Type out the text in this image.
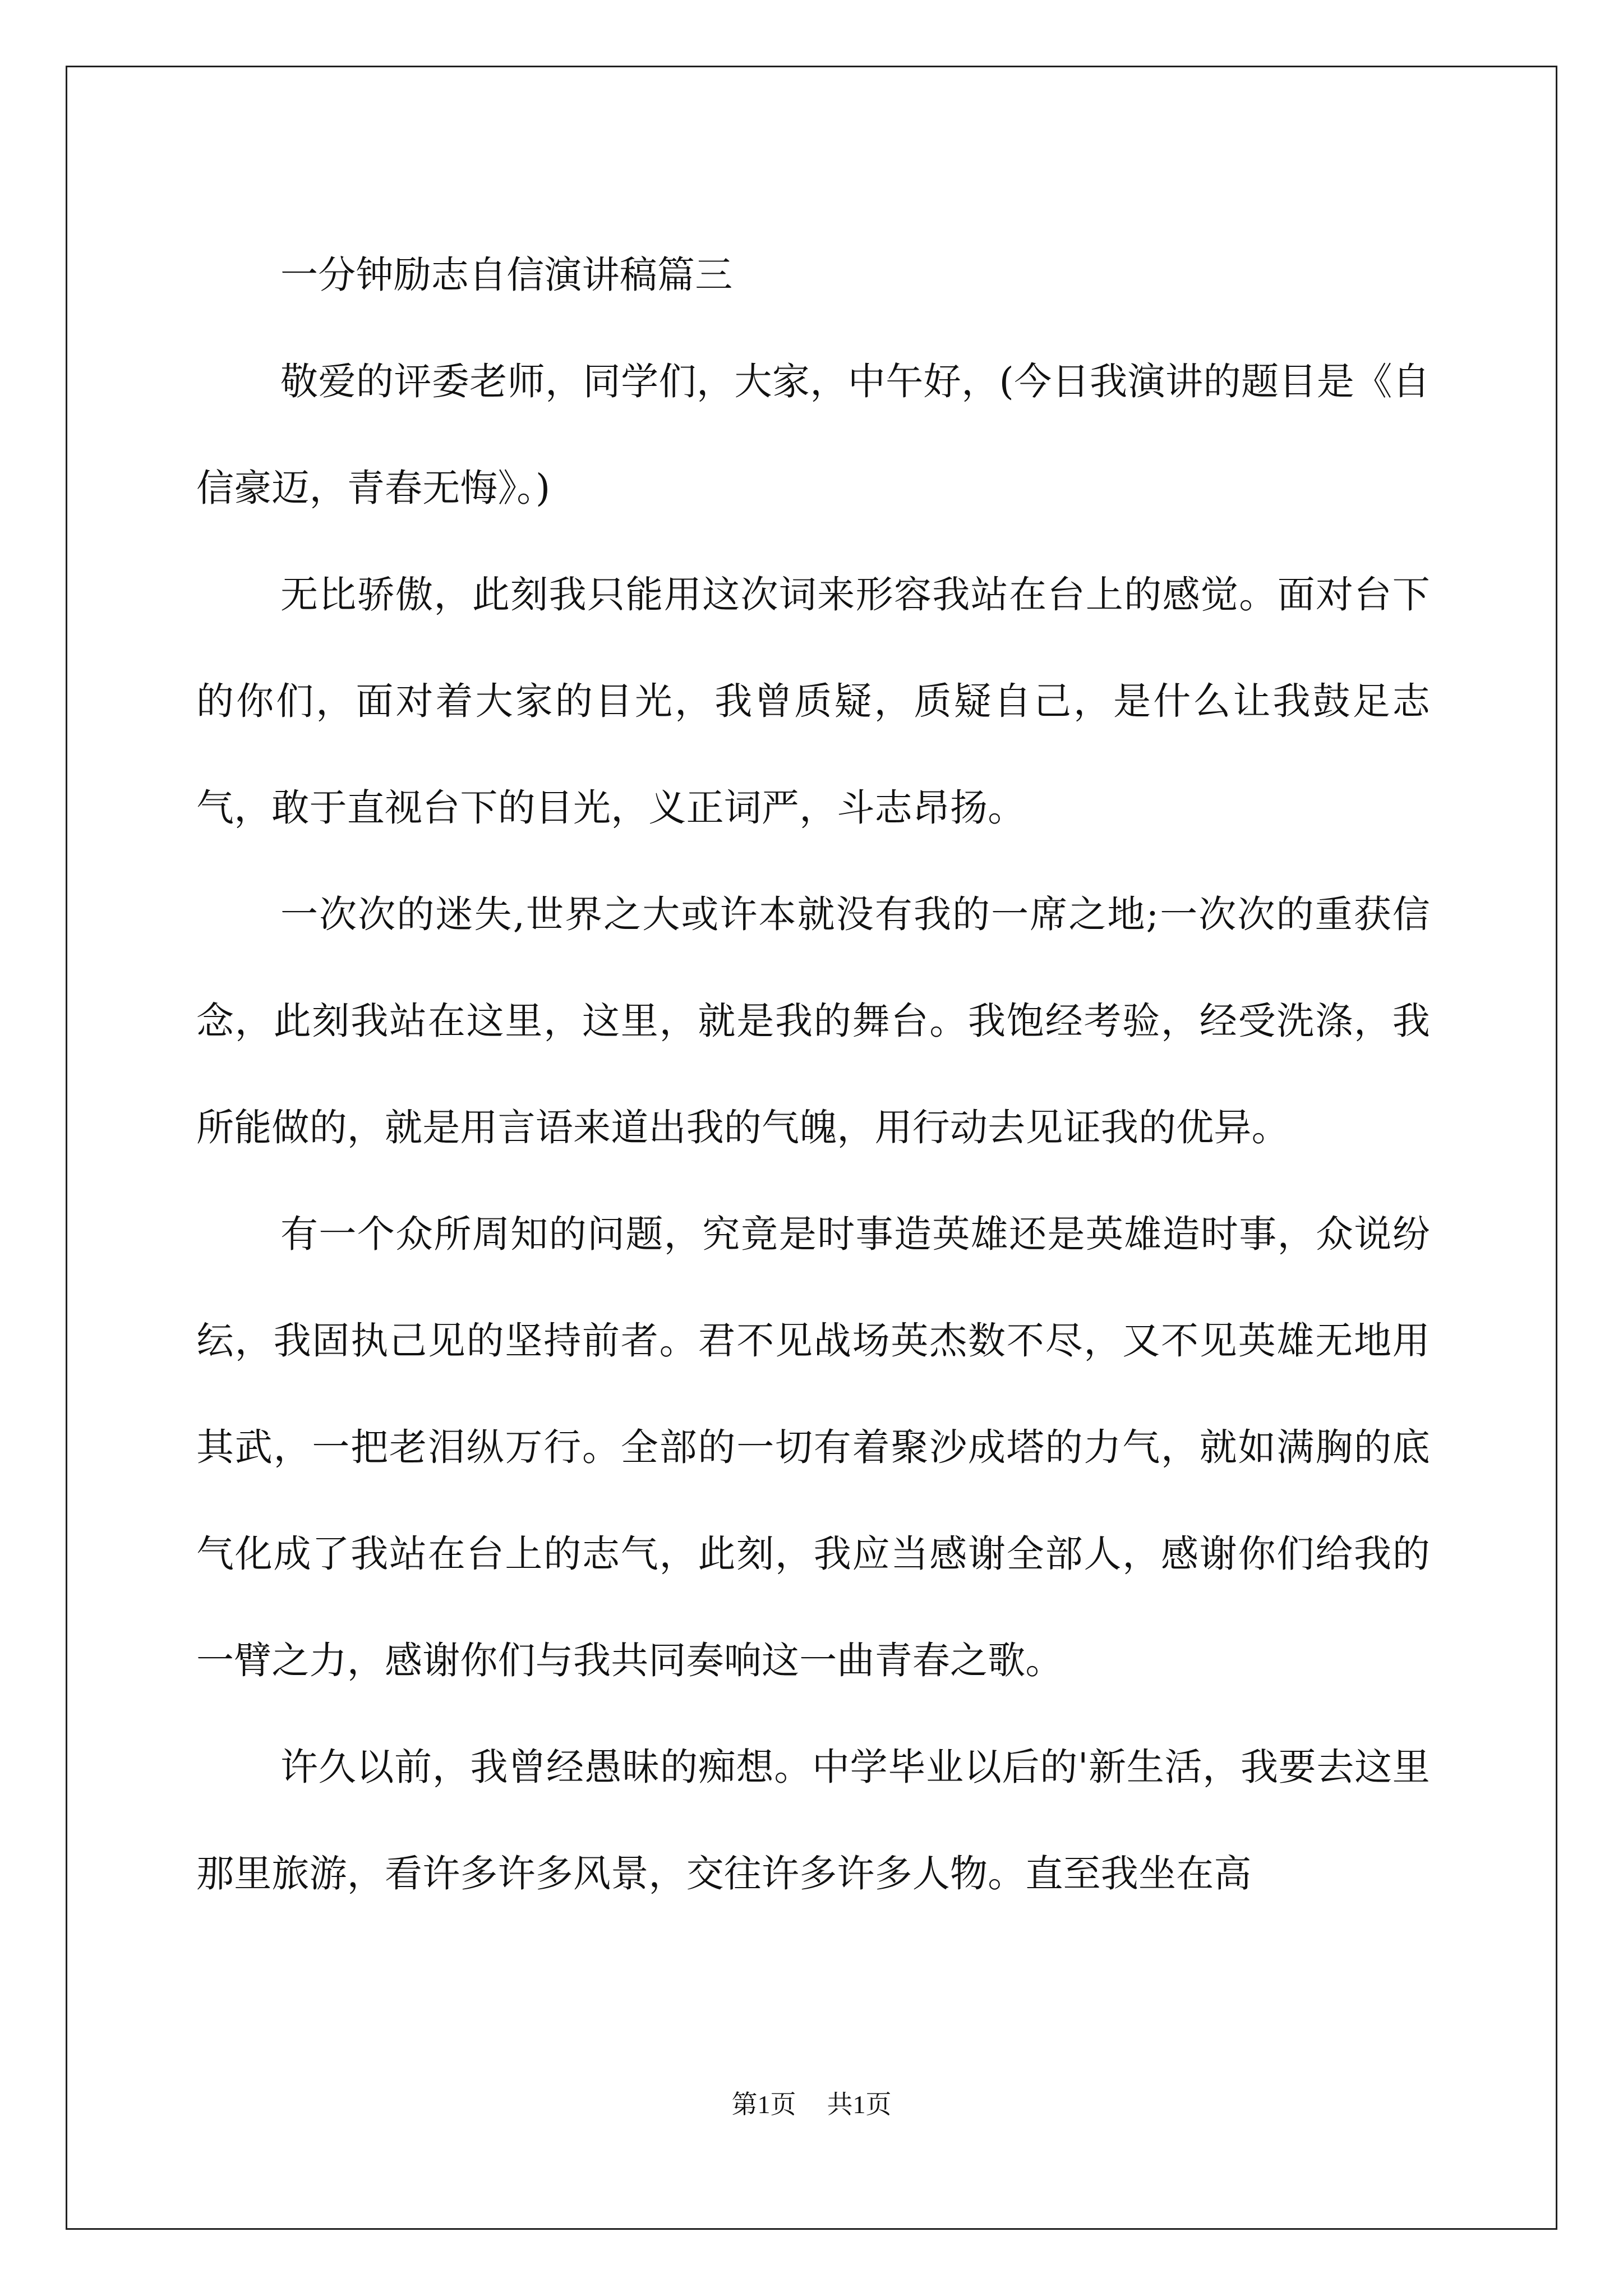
一分钟励志自信演讲稿篇三

敬爱的评委老师，同学们，大家，中午好，(今日我演讲的题目是《自信豪迈，青春无悔》。)

无比骄傲，此刻我只能用这次词来形容我站在台上的感觉。面对台下的你们，面对着大家的目光，我曾质疑，质疑自己，是什么让我鼓足志气，敢于直视台下的目光，义正词严，斗志昂扬。

一次次的迷失,世界之大或许本就没有我的一席之地;一次次的重获信念，此刻我站在这里，这里，就是我的舞台。我饱经考验，经受洗涤，我所能做的，就是用言语来道出我的气魄，用行动去见证我的优异。

有一个众所周知的问题，究竟是时事造英雄还是英雄造时事，众说纷纭，我固执己见的坚持前者。君不见战场英杰数不尽，又不见英雄无地用其武，一把老泪纵万行。全部的一切有着聚沙成塔的力气，就如满胸的底气化成了我站在台上的志气，此刻，我应当感谢全部人，感谢你们给我的一臂之力，感谢你们与我共同奏响这一曲青春之歌。

许久以前，我曾经愚昧的痴想。中学毕业以后的'新生活，我要去这里那里旅游，看许多许多风景，交往许多许多人物。直至我坐在高

第1页 共1页
